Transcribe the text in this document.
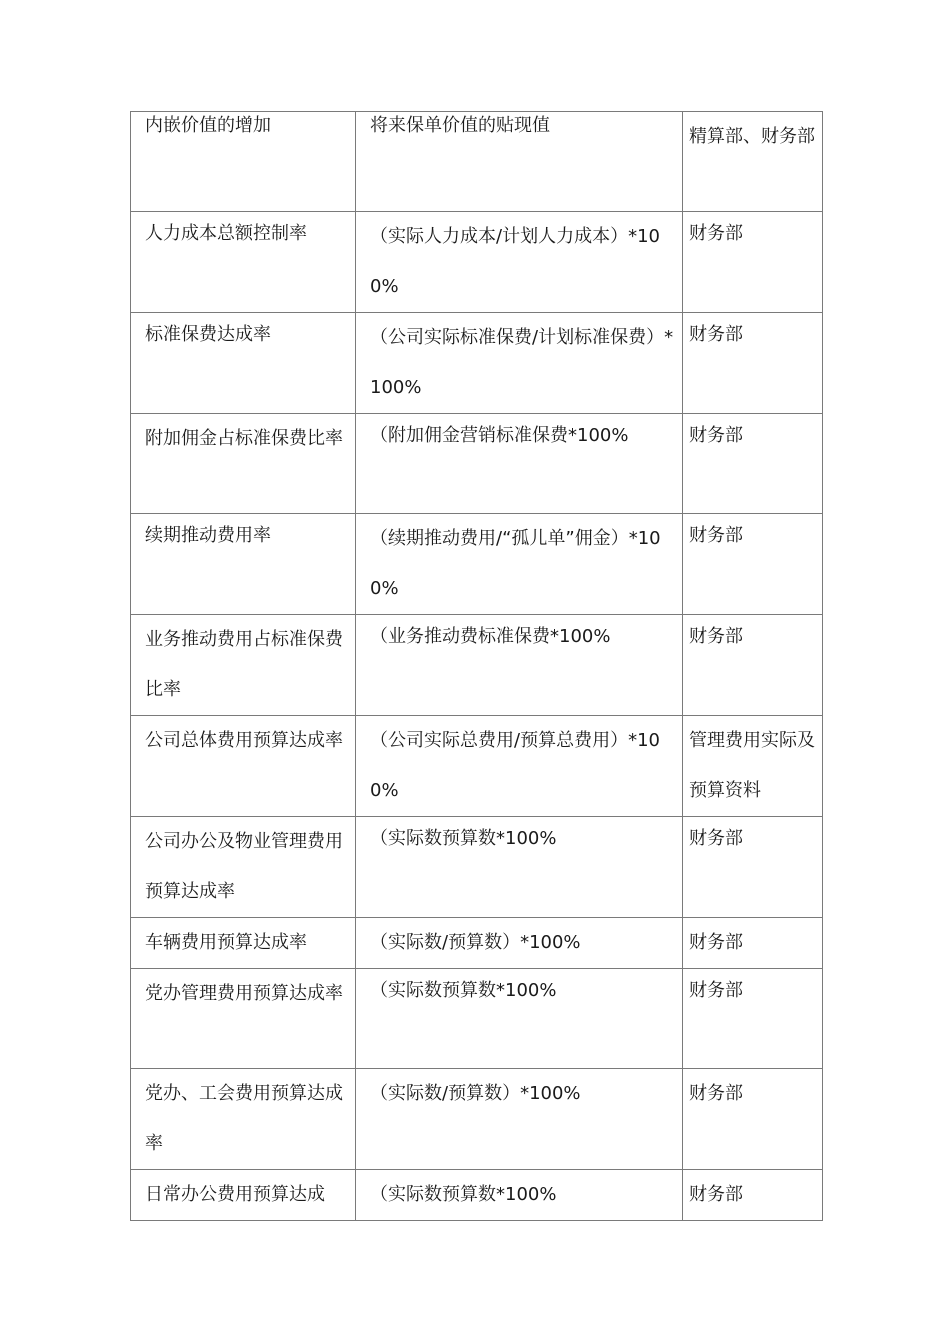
内嵌价值的增加	将来保单价值的贴现值	精算部、财务部
人力成本总额控制率	（实际人力成本/计划人力成本）*100%	财务部
标准保费达成率	（公司实际标准保费/计划标准保费）*100%	财务部
附加佣金占标准保费比率	（附加佣金营销标准保费*100%	财务部
续期推动费用率	（续期推动费用/“孤儿单”佣金）*100%	财务部
业务推动费用占标准保费比率	（业务推动费标准保费*100%	财务部
公司总体费用预算达成率	（公司实际总费用/预算总费用）*100%	管理费用实际及预算资料
公司办公及物业管理费用预算达成率	（实际数预算数*100%	财务部
车辆费用预算达成率	（实际数/预算数）*100%	财务部
党办管理费用预算达成率	（实际数预算数*100%	财务部
党办、工会费用预算达成率	（实际数/预算数）*100%	财务部
日常办公费用预算达成	（实际数预算数*100%	财务部
